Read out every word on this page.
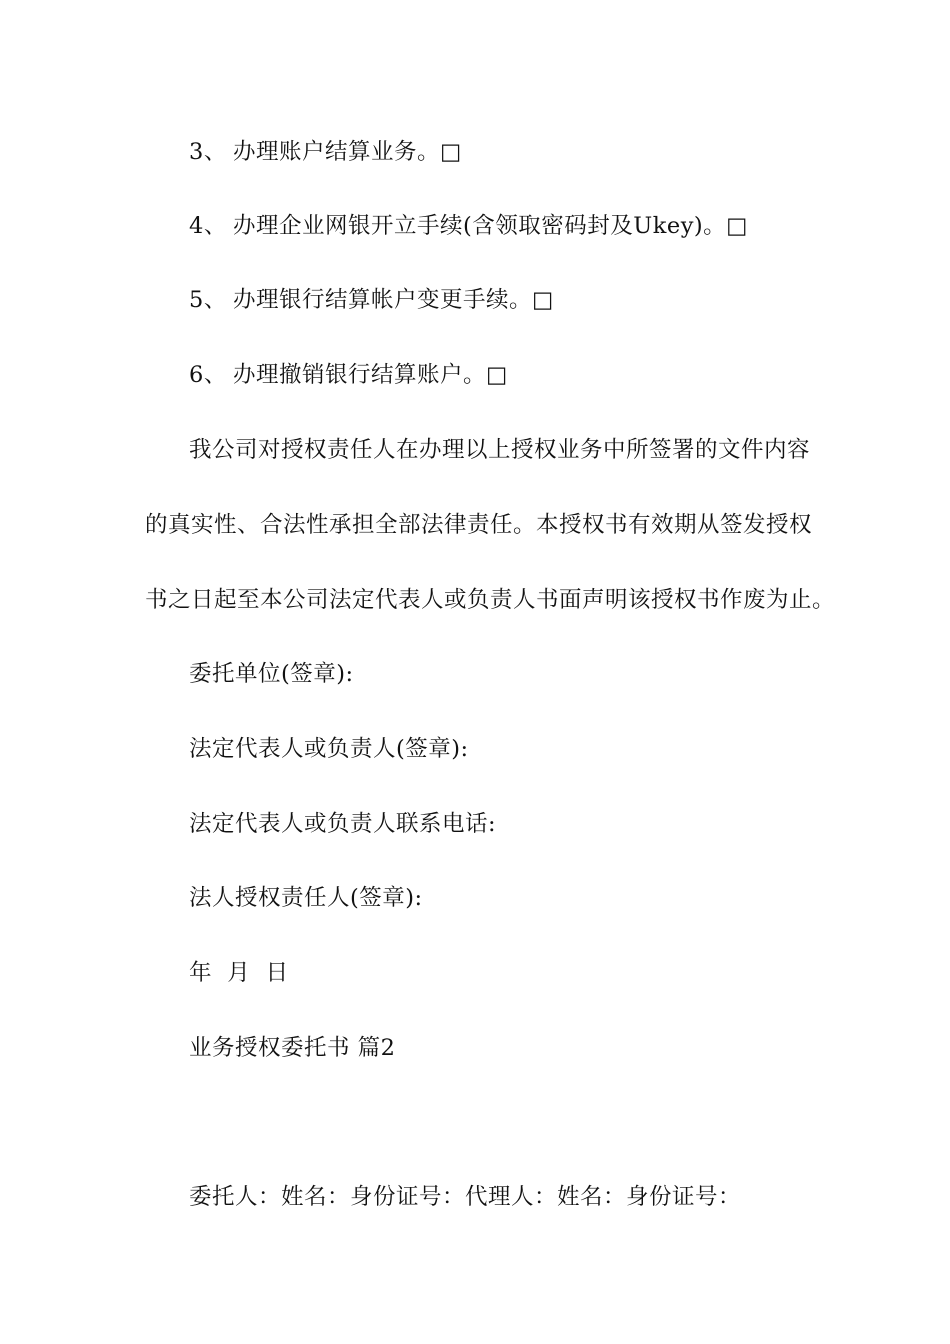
3、 办理账户结算业务。□
4、 办理企业网银开立手续(含领取密码封及Ukey)。□
5、 办理银行结算帐户变更手续。□
6、 办理撤销银行结算账户。□
我公司对授权责任人在办理以上授权业务中所签署的文件内容
的真实性、合法性承担全部法律责任。本授权书有效期从签发授权
书之日起至本公司法定代表人或负责人书面声明该授权书作废为止。
委托单位(签章):
法定代表人或负责人(签章):
法定代表人或负责人联系电话:
法人授权责任人(签章):
年  月  日
业务授权委托书 篇2
委托人：姓名：身份证号：代理人：姓名：身份证号：
